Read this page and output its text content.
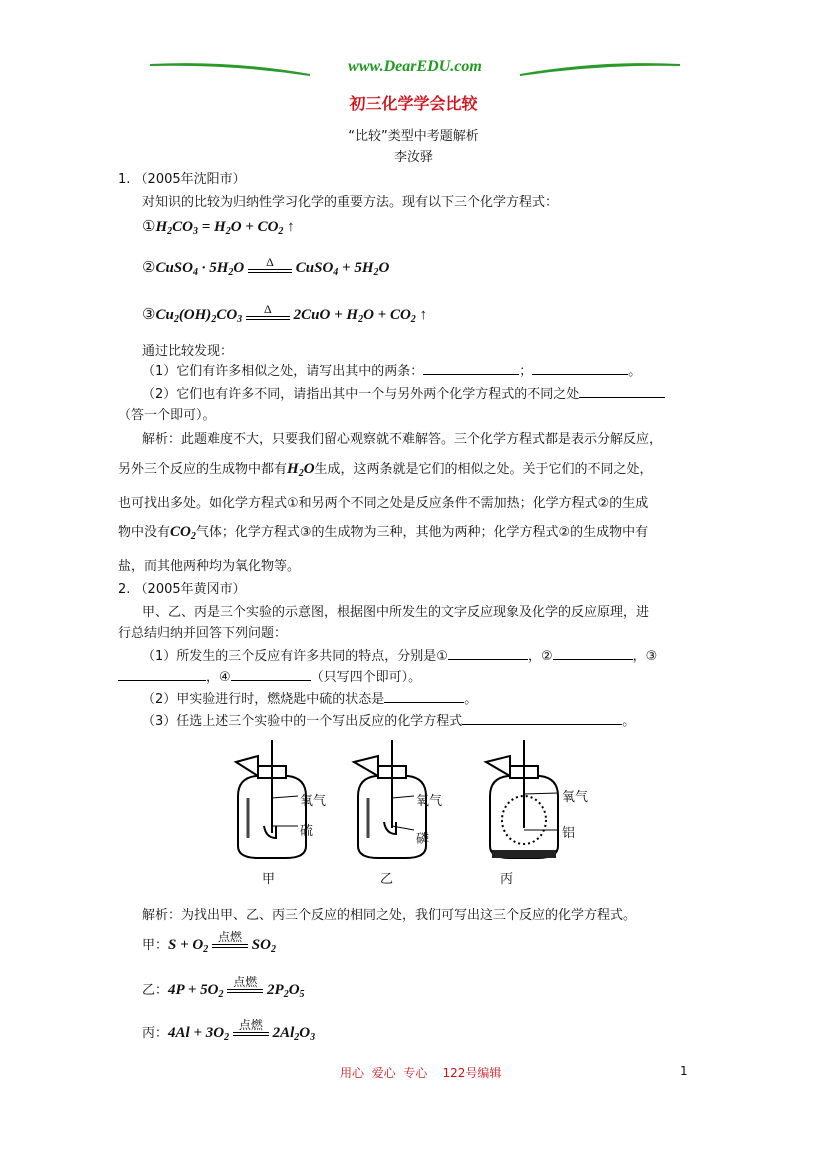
www.DearEDU.com
初三化学学会比较
“比较”类型中考题解析
李汝驿
1. （2005年沈阳市）
对知识的比较为归纳性学习化学的重要方法。现有以下三个化学方程式：
$①H_2CO_3 = H_2O + CO_2$ ↑
②CuSO$_4$ · $5H_2O$	Δ	CuSO$_4$ + $5H_2O$
$③Cu_2(OH)_2CO_3$
Δ	$2CuO + H_2O + CO_2$ ↑
通过比较发现：
（1）它们有许多相似之处，请写出其中的两条：	；	。
（2）它们也有许多不同，请指出其中一个与另外两个化学方程式的不同之处
（答一个即可）。
解析：此题难度不大，只要我们留心观察就不难解答。三个化学方程式都是表示分解反应，
另外三个反应的生成物中都有$H_2O$生成，这两条就是它们的相似之处。关于它们的不同之处，
也可找出多处。如化学方程式①和另两个不同之处是反应条件不需加热；化学方程式②的生成
物中没有$CO_2$气体；化学方程式③的生成物为三种，其他为两种；化学方程式②的生成物中有
盐，而其他两种均为氧化物等。
2. （2005年黄冈市）
甲、乙、丙是三个实验的示意图，根据图中所发生的文字反应现象及化学的反应原理，进
行总结归纳并回答下列问题：
（1）所发生的三个反应有许多共同的特点，分别是①	，②	，③
，④	（只写四个即可）。
（2）甲实验进行时，燃烧匙中硫的状态是	。
（3）任选上述三个实验中的一个写出反应的化学方程式	。
氧气
硫
氧气
磷
氧气
铝
甲	乙	丙
解析：为找出甲、乙、丙三个反应的相同之处，我们可写出这三个反应的化学方程式。
甲：$S + O_2$
点燃 $SO_2$
乙：$4P + 5O_2$
点燃 $2P_2O_5$
丙：$4Al + 3O_2$
点燃 $2Al_2O_3$
用心  爱心  专心    122号编辑	1
